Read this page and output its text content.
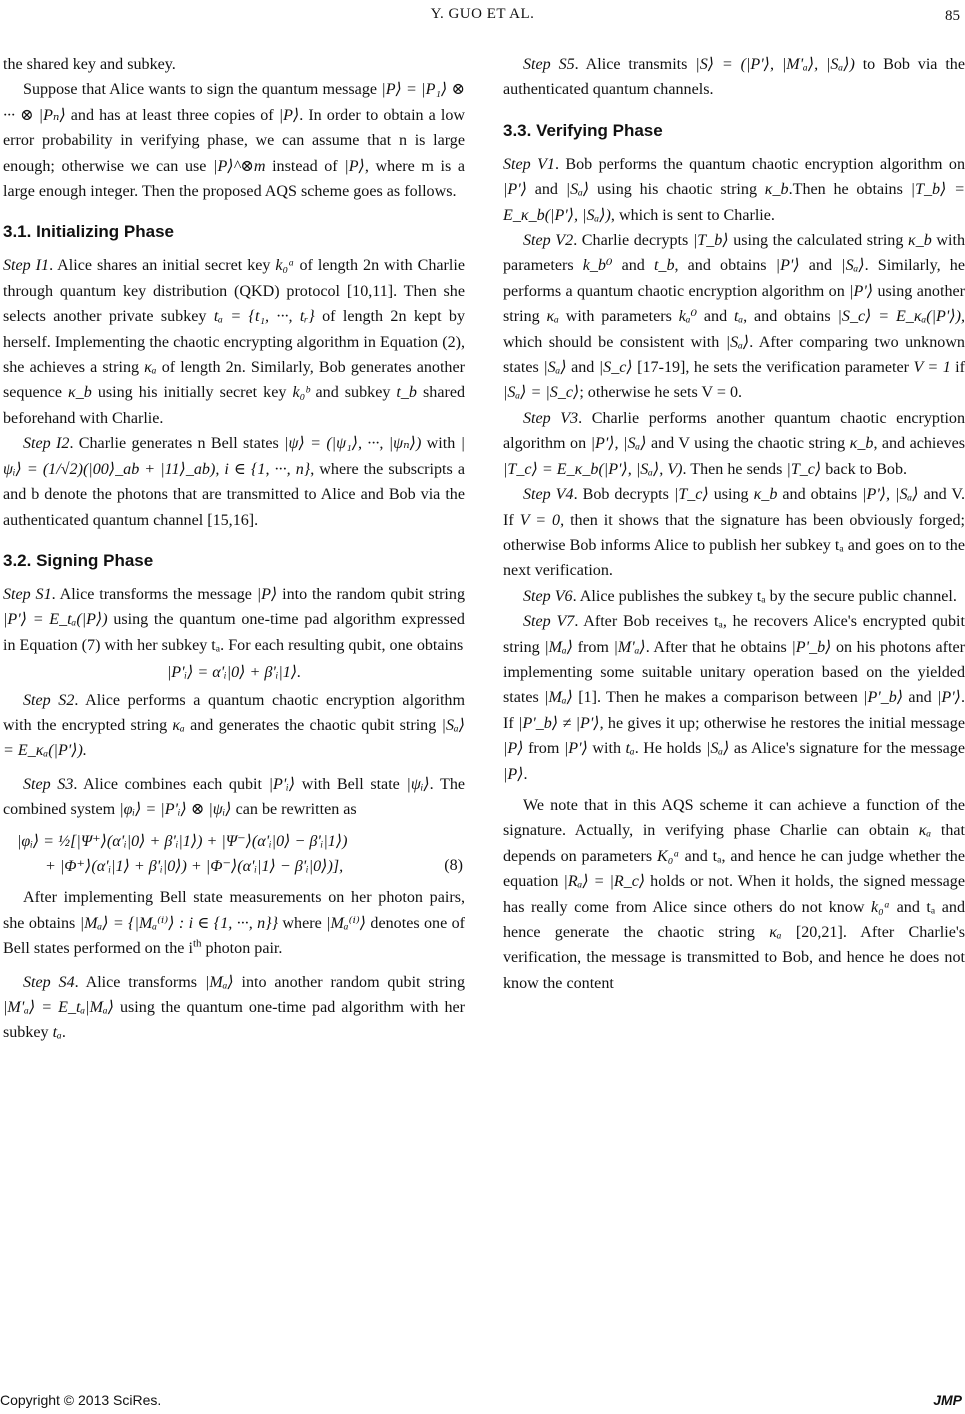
Y. GUO ET AL.	85

the shared key and subkey.

Suppose that Alice wants to sign the quantum message |P⟩ = |P₁⟩ ⊗ ··· ⊗ |Pₙ⟩ and has at least three copies of |P⟩. In order to obtain a low error probability in verifying phase, we can assume that n is large enough; otherwise we can use |P⟩^⊗m instead of |P⟩, where m is a large enough integer. Then the proposed AQS scheme goes as follows.

3.1. Initializing Phase

Step I1. Alice shares an initial secret key k₀ᵃ of length 2n with Charlie through quantum key distribution (QKD) protocol [10,11]. Then she selects another private subkey tₐ = {t₁, ···, tᵣ} of length 2n kept by herself. Implementing the chaotic encrypting algorithm in Equation (2), she achieves a string κₐ of length 2n. Similarly, Bob generates another sequence κ_b using his initially secret key k₀ᵇ and subkey t_b shared beforehand with Charlie.

Step I2. Charlie generates n Bell states |ψ⟩ = (|ψ₁⟩, ···, |ψₙ⟩) with |ψᵢ⟩ = (1/√2)(|00⟩_ab + |11⟩_ab), i ∈ {1, ···, n}, where the subscripts a and b denote the photons that are transmitted to Alice and Bob via the authenticated quantum channel [15,16].

3.2. Signing Phase

Step S1. Alice transforms the message |P⟩ into the random qubit string |P'⟩ = E_tₐ(|P⟩) using the quantum one-time pad algorithm expressed in Equation (7) with her subkey tₐ. For each resulting qubit, one obtains

|P'ᵢ⟩ = α'ᵢ|0⟩ + β'ᵢ|1⟩.

Step S2. Alice performs a quantum chaotic encryption algorithm with the encrypted string κₐ and generates the chaotic qubit string |Sₐ⟩ = E_κₐ(|P'⟩).

Step S3. Alice combines each qubit |P'ᵢ⟩ with Bell state |ψᵢ⟩. The combined system |φᵢ⟩ = |P'ᵢ⟩ ⊗ |ψᵢ⟩ can be rewritten as

|φᵢ⟩ = ½[|Ψ⁺⟩(α'ᵢ|0⟩ + β'ᵢ|1⟩) + |Ψ⁻⟩(α'ᵢ|0⟩ − β'ᵢ|1⟩)
+ |Φ⁺⟩(α'ᵢ|1⟩ + β'ᵢ|0⟩) + |Φ⁻⟩(α'ᵢ|1⟩ − β'ᵢ|0⟩)],	(8)

After implementing Bell state measurements on her photon pairs, she obtains |Mₐ⟩ = {|Mₐ⁽ⁱ⁾⟩ : i ∈ {1, ···, n}} where |Mₐ⁽ⁱ⁾⟩ denotes one of Bell states performed on the $i^{th}$ photon pair.

Step S4. Alice transforms |Mₐ⟩ into another random qubit string |M'ₐ⟩ = E_tₐ|Mₐ⟩ using the quantum one-time pad algorithm with her subkey tₐ.

Step S5. Alice transmits |S⟩ = (|P'⟩, |M'ₐ⟩, |Sₐ⟩) to Bob via the authenticated quantum channels.

3.3. Verifying Phase

Step V1. Bob performs the quantum chaotic encryption algorithm on |P'⟩ and |Sₐ⟩ using his chaotic string κ_b.Then he obtains |T_b⟩ = E_κ_b(|P'⟩, |Sₐ⟩), which is sent to Charlie.

Step V2. Charlie decrypts |T_b⟩ using the calculated string κ_b with parameters k_b⁰ and t_b, and obtains |P'⟩ and |Sₐ⟩. Similarly, he performs a quantum chaotic encryption algorithm on |P'⟩ using another string κₐ with parameters kₐ⁰ and tₐ, and obtains |S_c⟩ = E_κₐ(|P'⟩), which should be consistent with |Sₐ⟩. After comparing two unknown states |Sₐ⟩ and |S_c⟩ [17-19], he sets the verification parameter V = 1 if |Sₐ⟩ = |S_c⟩; otherwise he sets V = 0.

Step V3. Charlie performs another quantum chaotic encryption algorithm on |P'⟩, |Sₐ⟩ and V using the chaotic string κ_b, and achieves |T_c⟩ = E_κ_b(|P'⟩, |Sₐ⟩, V). Then he sends |T_c⟩ back to Bob.

Step V4. Bob decrypts |T_c⟩ using κ_b and obtains |P'⟩, |Sₐ⟩ and V. If V = 0, then it shows that the signature has been obviously forged; otherwise Bob informs Alice to publish her subkey tₐ and goes on to the next verification.

Step V6. Alice publishes the subkey tₐ by the secure public channel.

Step V7. After Bob receives tₐ, he recovers Alice's encrypted qubit string |Mₐ⟩ from |M'ₐ⟩. After that he obtains |P'_b⟩ on his photons after implementing some suitable unitary operation based on the yielded states |Mₐ⟩ [1]. Then he makes a comparison between |P'_b⟩ and |P'⟩. If |P'_b⟩ ≠ |P'⟩, he gives it up; otherwise he restores the initial message |P⟩ from |P'⟩ with tₐ. He holds |Sₐ⟩ as Alice's signature for the message |P⟩.

We note that in this AQS scheme it can achieve a function of the signature. Actually, in verifying phase Charlie can obtain κₐ that depends on parameters K₀ᵃ and tₐ, and hence he can judge whether the equation |Rₐ⟩ = |R_c⟩ holds or not. When it holds, the signed message has really come from Alice since others do not know k₀ᵃ and tₐ and hence generate the chaotic string κₐ [20,21]. After Charlie's verification, the message is transmitted to Bob, and hence he does not know the content

Copyright © 2013 SciRes.	JMP
